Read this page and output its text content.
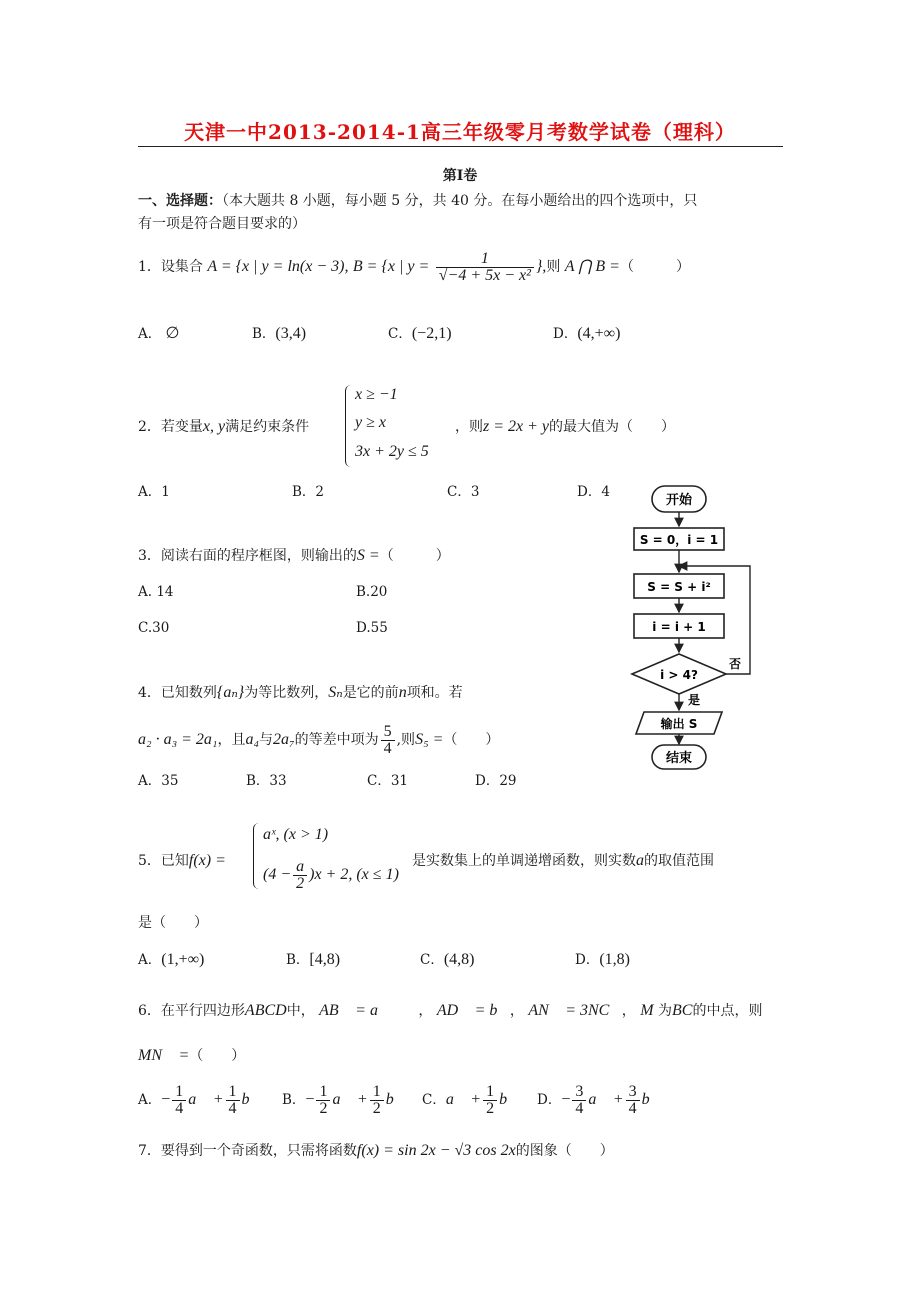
天津一中2013-2014-1高三年级零月考数学试卷（理科）
第Ⅰ卷
一、选择题：（本大题共 8 小题，每小题 5 分，共 40 分。在每小题给出的四个选项中，只
有一项是符合题目要求的）
1．设集合 A = {x | y = ln(x − 3), B = {x | $y = \frac{1}{\text{√−4 + 5x − x²}}$ },则 A ⋂ B =（　　　）
A． ∅	B．(3,4)	C．(−2,1)	D．(4,+∞)
2．若变量x, y满足约束条件
x ≥ −1
y ≥ x
3x + 2y ≤ 5
，则z = 2x + y的最大值为（　　）
A．1	B．2	C．3	D．4
3．阅读右面的程序框图，则输出的S =（　　　）
A. 14	B.20
C.30	D.55
开始
S = 0，i = 1
S = S + i²
i = i + 1
i > 4?
否
是
输出 S
结束
4．已知数列{aₙ}为等比数列，Sₙ是它的前n项和。若
a₂ · a₃ = 2a₁，且a₄与2a₇的等差中项为 $\frac{5}{4}$ ,则S₅ =（　　）
A．35	B．33	C．31	D．29
5．已知f(x) =
aˣ, (x > 1)
$(4 - \frac{a}{2} )x + 2$, (x ≤ 1)
是实数集上的单调递增函数，则实数a的取值范围
是（　　）
A．(1,+∞)	B．[4,8)	C．(4,8)	D．(1,8)
6．在平行四边形ABCD中， AB⃗ = a⃗　　， AD⃗ = b⃗， AN⃗ = 3NC⃗， M 为BC的中点，则
MN⃗ =（　　）
A．− $\frac{1}{4}$ a⃗ + $\frac{1}{4}$ b⃗ B．− $\frac{1}{2}$ a⃗ + $\frac{1}{2}$ b⃗ C．a⃗ + $\frac{1}{2}$ b⃗ D．− $\frac{3}{4}$ a⃗ + $\frac{3}{4}$ b⃗
7．要得到一个奇函数，只需将函数f(x) = sin 2x − √3 cos 2x的图象（　　）
